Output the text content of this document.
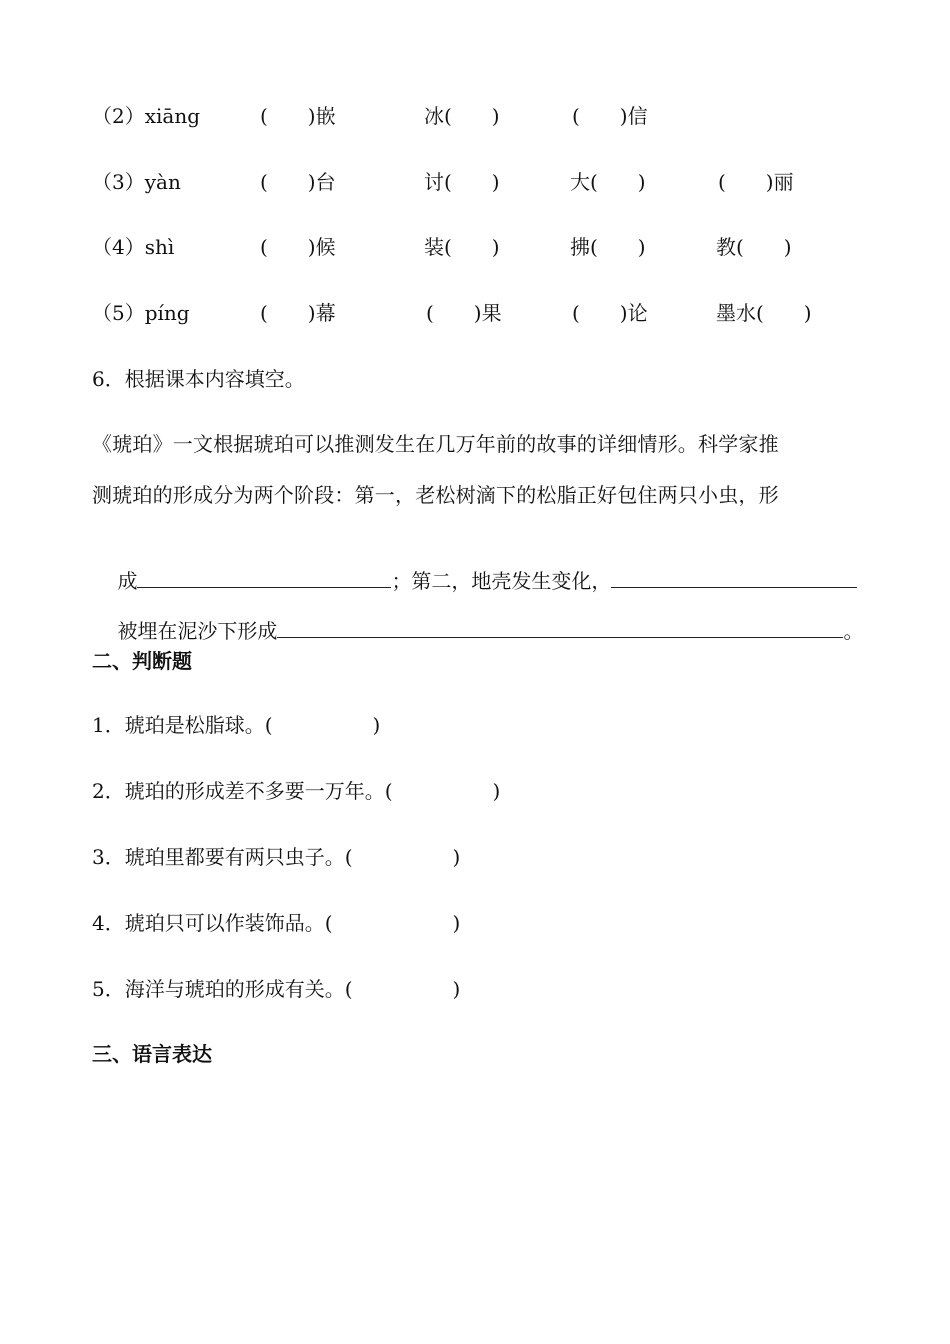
（2）xiāng	(　　)嵌	冰(　　)	(　　)信
（3）yàn	(　　)台	讨(　　)	大(　　)	(　　)丽
（4）shì	(　　)候	装(　　)	拂(　　)	教(　　)
（5）píng	(　　)幕	(　　)果	(　　)论	墨水(　　)
6．根据课本内容填空。
《琥珀》一文根据琥珀可以推测发生在几万年前的故事的详细情形。科学家推
测琥珀的形成分为两个阶段：第一，老松树滴下的松脂正好包住两只小虫，形

成	；第二，地壳发生变化，

被埋在泥沙下形成	。

二、判断题
1．琥珀是松脂球。(　　　　　)
2．琥珀的形成差不多要一万年。(　　　　　)
3．琥珀里都要有两只虫子。(　　　　　)
4．琥珀只可以作装饰品。(　　　　　　)
5．海洋与琥珀的形成有关。(　　　　　)
三、语言表达
